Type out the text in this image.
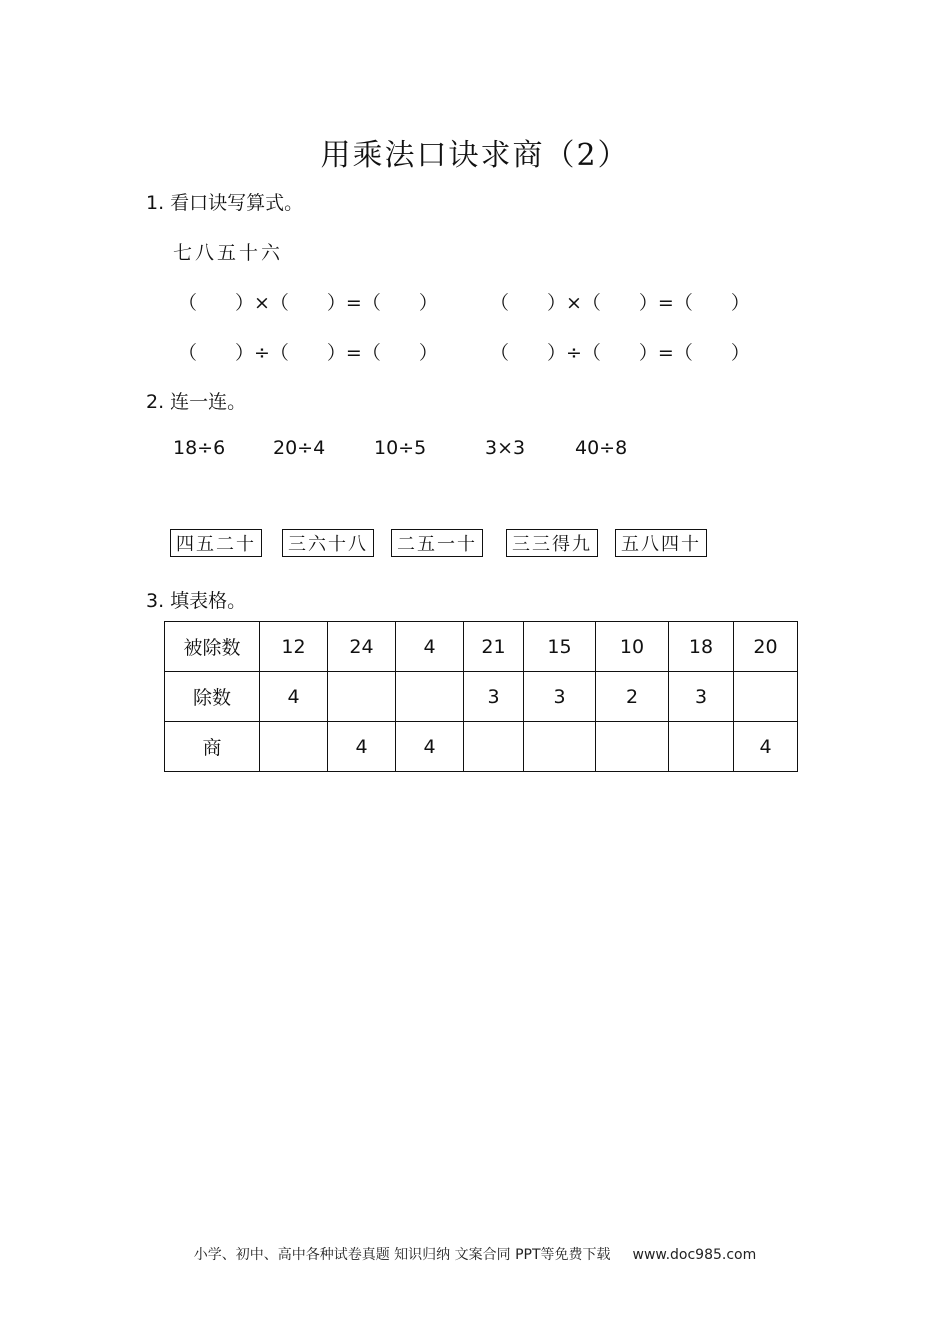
用乘法口诀求商（2）
1. 看口诀写算式。
七八五十六
（　　）×（　　）=（　　）	（　　）×（　　）=（　　）
（　　）÷（　　）=（　　）	（　　）÷（　　）=（　　）
2. 连一连。
18÷6	20÷4	10÷5	3×3	40÷8
四五二十	三六十八	二五一十	三三得九	五八四十
3. 填表格。
被除数	12	24	4	21	15	10	18	20
除数	4			3	3	2	3	
商		4	4					4
小学、初中、高中各种试卷真题 知识归纳 文案合同 PPT等免费下载 www.doc985.com
